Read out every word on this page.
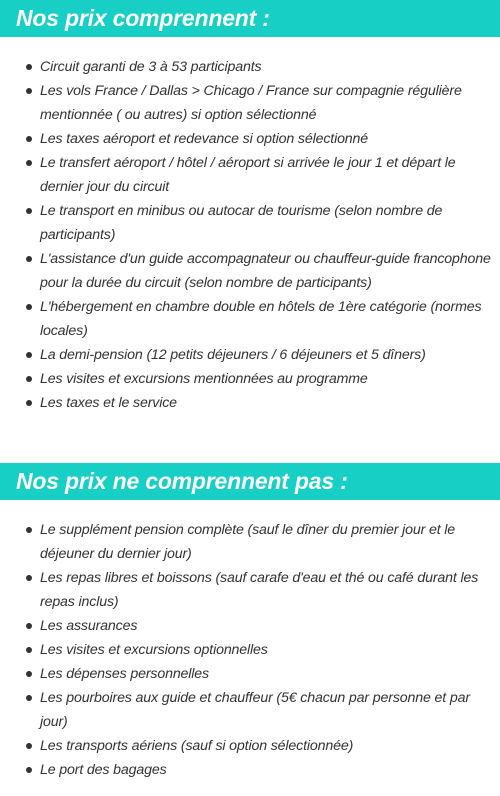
Nos prix comprennent :
Circuit garanti de 3 à 53 participants
Les vols France / Dallas > Chicago / France sur compagnie régulière mentionnée ( ou autres) si option sélectionné
Les taxes aéroport et redevance si option sélectionné
Le transfert aéroport / hôtel / aéroport si arrivée le jour 1 et départ le dernier jour du circuit
Le transport en minibus ou autocar de tourisme (selon nombre de participants)
L'assistance d'un guide accompagnateur ou chauffeur-guide francophone pour la durée du circuit (selon nombre de participants)
L'hébergement en chambre double en hôtels de 1ère catégorie (normes locales)
La demi-pension (12 petits déjeuners / 6 déjeuners et 5 dîners)
Les visites et excursions mentionnées au programme
Les taxes et le service
Nos prix ne comprennent pas :
Le supplément pension complète (sauf le dîner du premier jour et le déjeuner du dernier jour)
Les repas libres et boissons (sauf carafe d'eau et thé ou café durant les repas inclus)
Les assurances
Les visites et excursions optionnelles
Les dépenses personnelles
Les pourboires aux guide et chauffeur (5€ chacun par personne et par jour)
Les transports aériens (sauf si option sélectionnée)
Le port des bagages
